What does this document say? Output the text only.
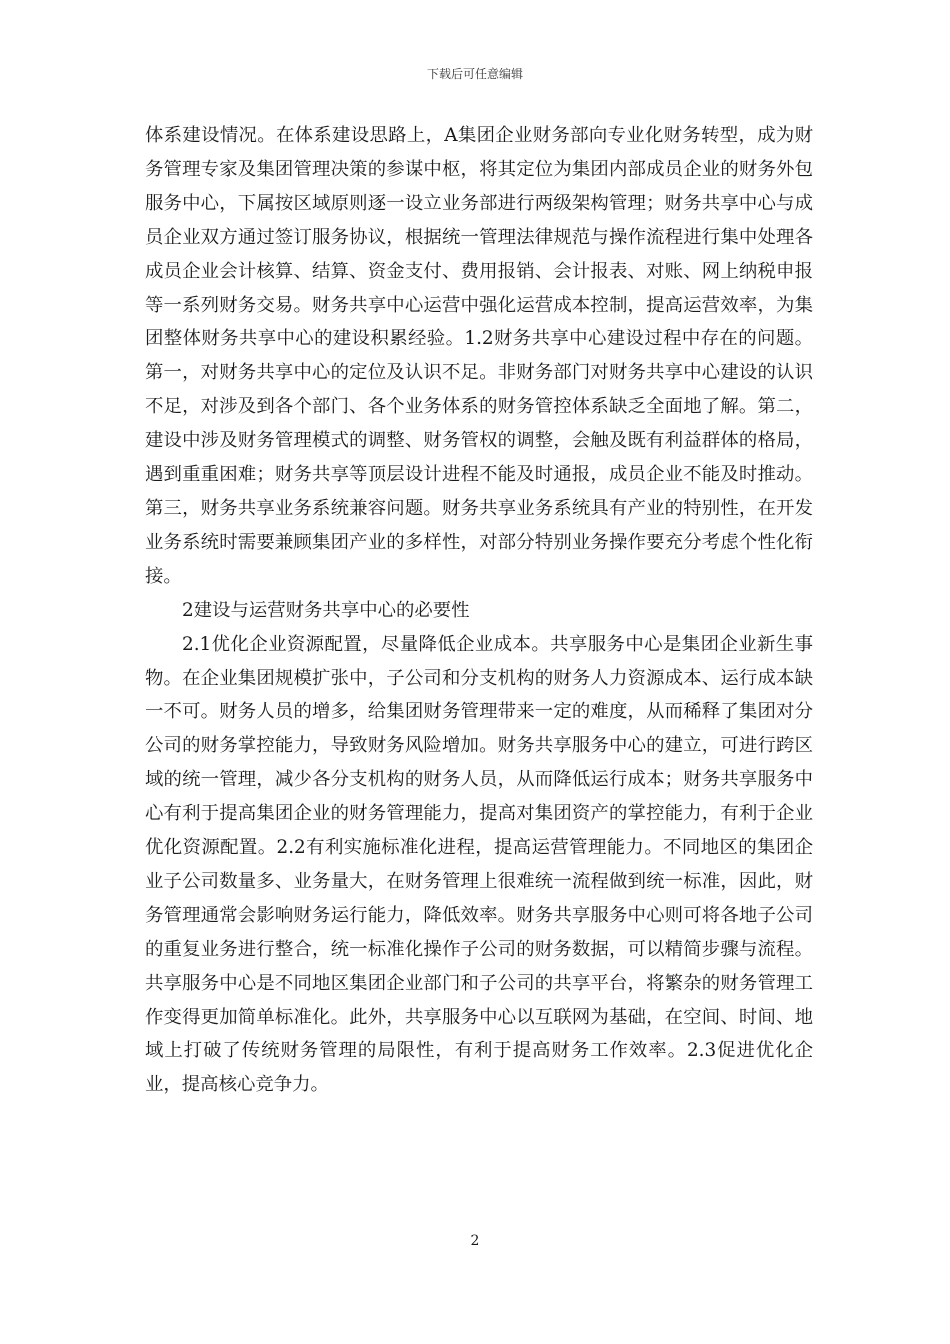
下载后可任意编辑

体系建设情况。在体系建设思路上，A集团企业财务部向专业化财务转型，成为财务管理专家及集团管理决策的参谋中枢，将其定位为集团内部成员企业的财务外包服务中心，下属按区域原则逐一设立业务部进行两级架构管理；财务共享中心与成员企业双方通过签订服务协议，根据统一管理法律规范与操作流程进行集中处理各成员企业会计核算、结算、资金支付、费用报销、会计报表、对账、网上纳税申报等一系列财务交易。财务共享中心运营中强化运营成本控制，提高运营效率，为集团整体财务共享中心的建设积累经验。1.2财务共享中心建设过程中存在的问题。第一，对财务共享中心的定位及认识不足。非财务部门对财务共享中心建设的认识不足，对涉及到各个部门、各个业务体系的财务管控体系缺乏全面地了解。第二，建设中涉及财务管理模式的调整、财务管权的调整，会触及既有利益群体的格局，遇到重重困难；财务共享等顶层设计进程不能及时通报，成员企业不能及时推动。第三，财务共享业务系统兼容问题。财务共享业务系统具有产业的特别性，在开发业务系统时需要兼顾集团产业的多样性，对部分特别业务操作要充分考虑个性化衔接。

2建设与运营财务共享中心的必要性

2.1优化企业资源配置，尽量降低企业成本。共享服务中心是集团企业新生事物。在企业集团规模扩张中，子公司和分支机构的财务人力资源成本、运行成本缺一不可。财务人员的增多，给集团财务管理带来一定的难度，从而稀释了集团对分公司的财务掌控能力，导致财务风险增加。财务共享服务中心的建立，可进行跨区域的统一管理，减少各分支机构的财务人员，从而降低运行成本；财务共享服务中心有利于提高集团企业的财务管理能力，提高对集团资产的掌控能力，有利于企业优化资源配置。2.2有利实施标准化进程，提高运营管理能力。不同地区的集团企业子公司数量多、业务量大，在财务管理上很难统一流程做到统一标准，因此，财务管理通常会影响财务运行能力，降低效率。财务共享服务中心则可将各地子公司的重复业务进行整合，统一标准化操作子公司的财务数据，可以精简步骤与流程。共享服务中心是不同地区集团企业部门和子公司的共享平台，将繁杂的财务管理工作变得更加简单标准化。此外，共享服务中心以互联网为基础，在空间、时间、地域上打破了传统财务管理的局限性，有利于提高财务工作效率。2.3促进优化企业，提高核心竞争力。

2
